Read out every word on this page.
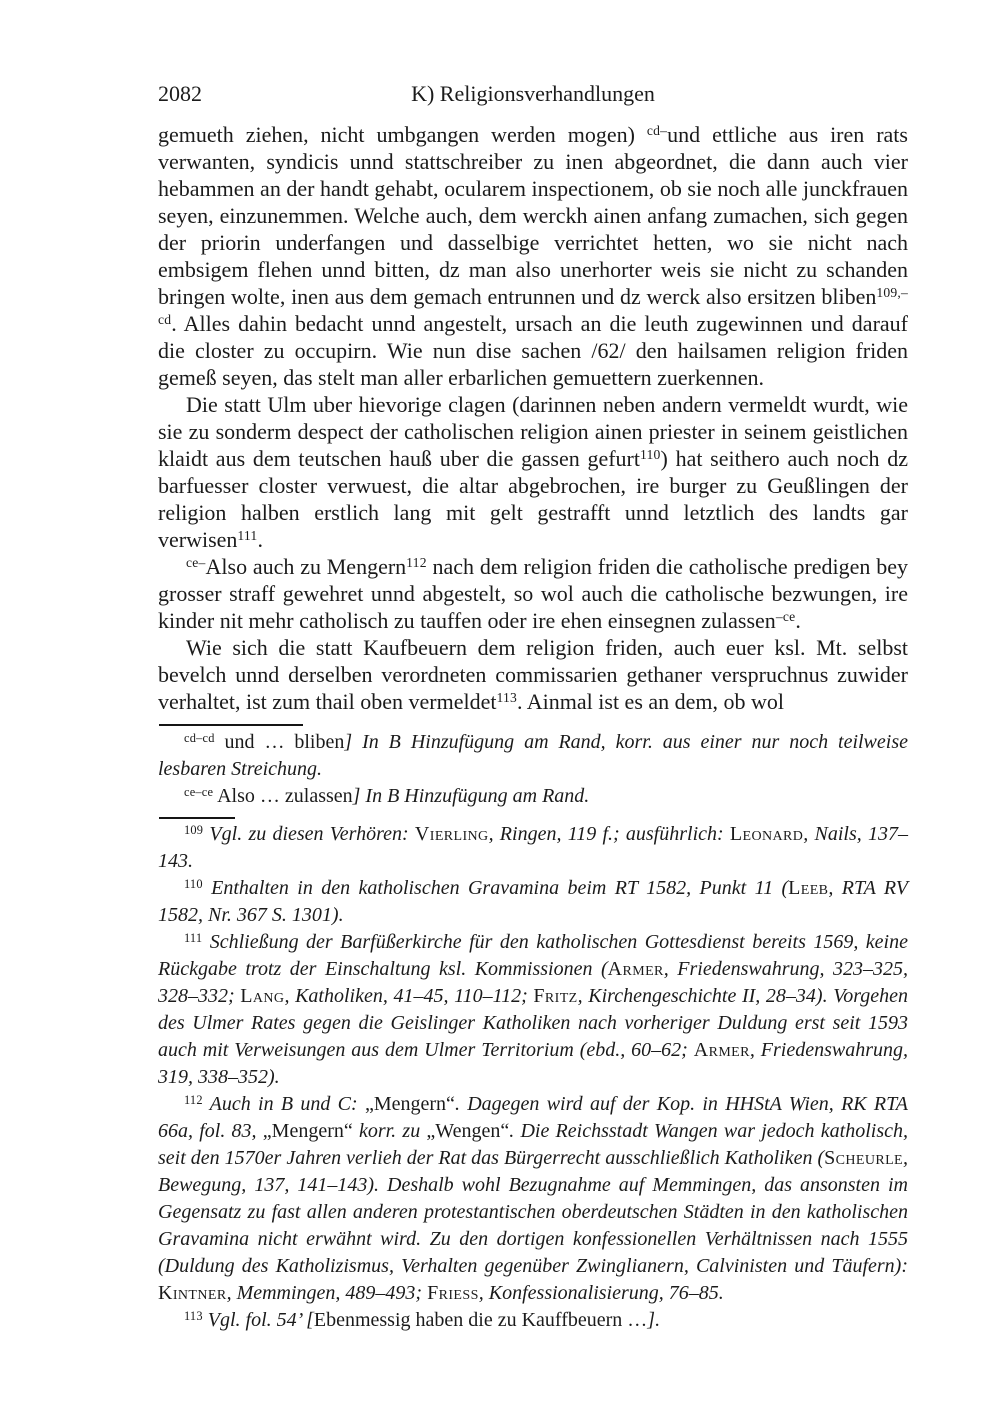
2082	K) Religionsverhandlungen

gemueth ziehen, nicht umbgangen werden mogen) $^{cd-}$und ettliche aus iren rats verwanten, syndicis unnd stattschreiber zu inen abgeordnet, die dann auch vier hebammen an der handt gehabt, ocularem inspectionem, ob sie noch alle junckfrauen seyen, einzunemmen. Welche auch, dem werckh ainen anfang zumachen, sich gegen der priorin underfangen und dasselbige verrichtet hetten, wo sie nicht nach embsigem flehen unnd bitten, dz man also unerhorter weis sie nicht zu schanden bringen wolte, inen aus dem gemach entrunnen und dz werck also ersitzen bliben$^{109,-cd}$. Alles dahin bedacht unnd angestelt, ursach an die leuth zugewinnen und darauf die closter zu occupirn. Wie nun dise sachen /62/ den hailsamen religion friden gemeß seyen, das stelt man aller erbarlichen gemuettern zuerkennen.

Die statt Ulm uber hievorige clagen (darinnen neben andern vermeldt wurdt, wie sie zu sonderm despect der catholischen religion ainen priester in seinem geistlichen klaidt aus dem teutschen hauß uber die gassen gefurt$^{110}$) hat seithero auch noch dz barfuesser closter verwuest, die altar abgebrochen, ire burger zu Geußlingen der religion halben erstlich lang mit gelt gestrafft unnd letztlich des landts gar verwisen$^{111}$.

$^{ce-}$Also auch zu Mengern$^{112}$ nach dem religion friden die catholische predigen bey grosser straff gewehret unnd abgestelt, so wol auch die catholische bezwungen, ire kinder nit mehr catholisch zu tauffen oder ire ehen einsegnen zulassen$^{-ce}$.

Wie sich die statt Kaufbeuern dem religion friden, auch euer ksl. Mt. selbst bevelch unnd derselben verordneten commissarien gethaner verspruchnus zuwider verhaltet, ist zum thail oben vermeldet$^{113}$. Ainmal ist es an dem, ob wol

$^{cd-cd}$ und … bliben] In B Hinzufügung am Rand, korr. aus einer nur noch teilweise lesbaren Streichung.

$^{ce-ce}$ Also … zulassen] In B Hinzufügung am Rand.

$^{109}$ Vgl. zu diesen Verhören: Vierling, Ringen, 119 f.; ausführlich: Leonard, Nails, 137–143.

$^{110}$ Enthalten in den katholischen Gravamina beim RT 1582, Punkt 11 (Leeb, RTA RV 1582, Nr. 367 S. 1301).

$^{111}$ Schließung der Barfüßerkirche für den katholischen Gottesdienst bereits 1569, keine Rückgabe trotz der Einschaltung ksl. Kommissionen (Armer, Friedenswahrung, 323–325, 328–332; Lang, Katholiken, 41–45, 110–112; Fritz, Kirchengeschichte II, 28–34). Vorgehen des Ulmer Rates gegen die Geislinger Katholiken nach vorheriger Duldung erst seit 1593 auch mit Verweisungen aus dem Ulmer Territorium (ebd., 60–62; Armer, Friedenswahrung, 319, 338–352).

$^{112}$ Auch in B und C: „Mengern“. Dagegen wird auf der Kop. in HHStA Wien, RK RTA 66a, fol. 83, „Mengern“ korr. zu „Wengen“. Die Reichsstadt Wangen war jedoch katholisch, seit den 1570er Jahren verlieh der Rat das Bürgerrecht ausschließlich Katholiken (Scheurle, Bewegung, 137, 141–143). Deshalb wohl Bezugnahme auf Memmingen, das ansonsten im Gegensatz zu fast allen anderen protestantischen oberdeutschen Städten in den katholischen Gravamina nicht erwähnt wird. Zu den dortigen konfessionellen Verhältnissen nach 1555 (Duldung des Katholizismus, Verhalten gegenüber Zwinglianern, Calvinisten und Täufern): Kintner, Memmingen, 489–493; Friess, Konfessionalisierung, 76–85.

$^{113}$ Vgl. fol. 54’ [Ebenmessig haben die zu Kauffbeuern …].
